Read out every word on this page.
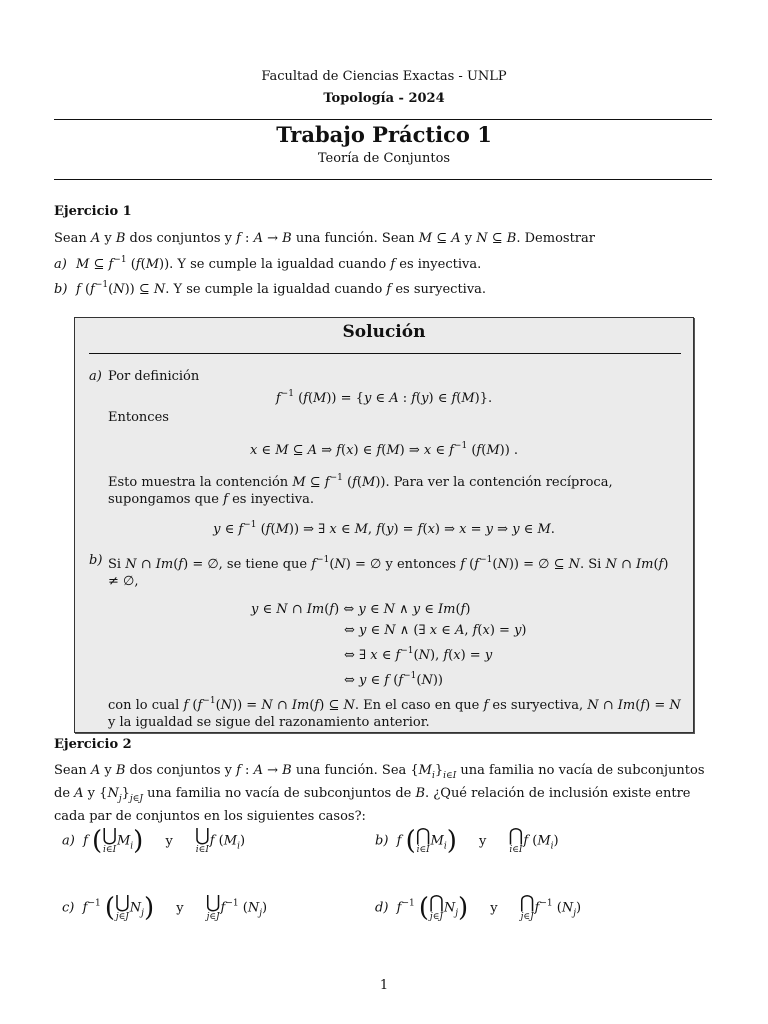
Facultad de Ciencias Exactas - UNLP
Topología - 2024
Trabajo Práctico 1
Teoría de Conjuntos
Ejercicio 1
Sean A y B dos conjuntos y f : A → B una función. Sean M ⊆ A y N ⊆ B. Demostrar
a) M ⊆ $f^{-1}$ (f(M)). Y se cumple la igualdad cuando f es inyectiva.
b) f $(f^{-1}(N))$ ⊆ N. Y se cumple la igualdad cuando f es suryectiva.
Solución
a) Por definición
$f^{-1}$ (f(M)) = {y ∈ A : f(y) ∈ f(M)}.
Entonces
x ∈ M ⊆ A ⇒ f(x) ∈ f(M) ⇒ x ∈ $f^{-1}$ (f(M)) .
Esto muestra la contención M ⊆ $f^{-1}$ (f(M)). Para ver la contención recíproca, supongamos que f es inyectiva.
y ∈ $f^{-1}$ (f(M)) ⇒ ∃ x ∈ M, f(y) = f(x) ⇒ x = y ⇒ y ∈ M.
b) Si N ∩ Im(f) = ∅, se tiene que $f^{-1}(N)$ = ∅ y entonces f $(f^{-1}(N))$ = ∅ ⊆ N. Si N ∩ Im(f) ≠ ∅,
y ∈ N ∩ Im(f) ⇔ y ∈ N ∧ y ∈ Im(f)
⇔ y ∈ N ∧ (∃ x ∈ A, f(x) = y)
⇔ ∃ x ∈ $f^{-1}(N)$, f(x) = y
⇔ y ∈ f $(f^{-1}(N))$
con lo cual f $(f^{-1}(N)) = N$ ∩ Im(f) ⊆ N. En el caso en que f es suryectiva, N ∩ Im(f) = N y la igualdad se sigue del razonamiento anterior.
Ejercicio 2
Sean A y B dos conjuntos y f : A → B una función. Sea $\{M_i\}_{i\in I}$ una familia no vacía de subconjuntos de A y $\{N_j\}_{j\in J}$ una familia no vacía de subconjuntos de B. ¿Qué relación de inclusión existe entre cada par de conjuntos en los siguientes casos?:
a) f ( ⋃
i∈I
$M_i$) y ⋃
i∈I
f $(M_i)$	b) f ( ⋂
i∈I
$M_i$) y ⋂
i∈I
f $(M_i)$
c) $f^{-1}$ ( ⋃
j∈J
$N_j$) y ⋃
j∈J
$f^{-1}$ $(N_j)$	d) $f^{-1}$ ( ⋂
j∈J
$N_j$) y ⋂
j∈J
$f^{-1}$ $(N_j)$
1
